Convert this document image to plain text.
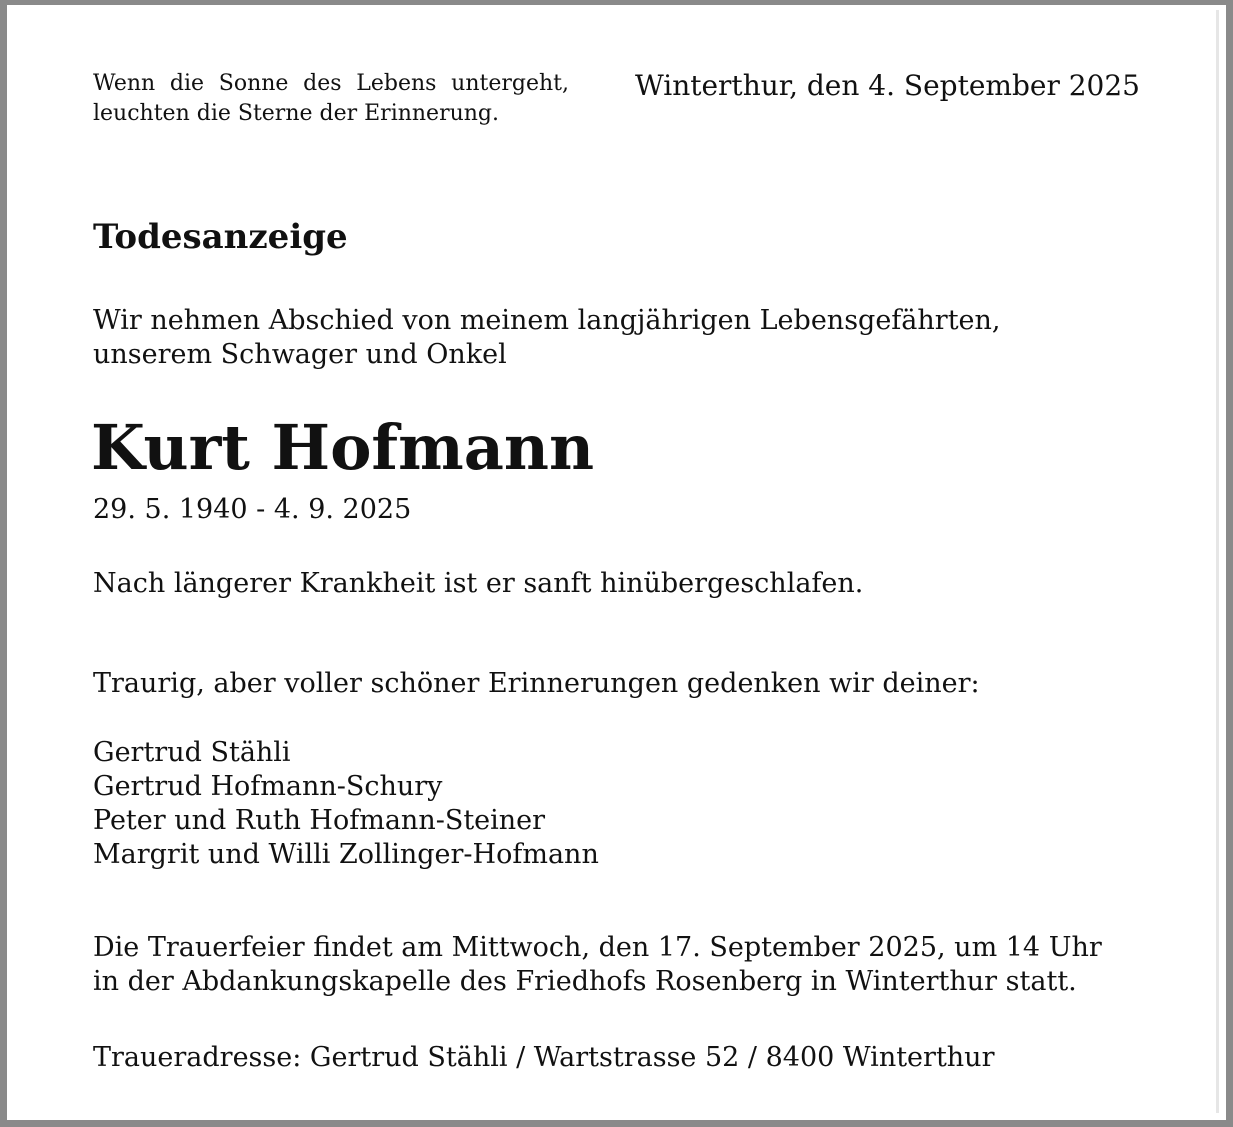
Wenn die Sonne des Lebens untergeht, leuchten die Sterne der Erinnerung.

Winterthur, den 4. September 2025

Todesanzeige

Wir nehmen Abschied von meinem langjährigen Lebensgefährten,
unserem Schwager und Onkel

Kurt Hofmann

29. 5. 1940 - 4. 9. 2025

Nach längerer Krankheit ist er sanft hinübergeschlafen.

Traurig, aber voller schöner Erinnerungen gedenken wir deiner:

Gertrud Stähli
Gertrud Hofmann-Schury
Peter und Ruth Hofmann-Steiner
Margrit und Willi Zollinger-Hofmann

Die Trauerfeier findet am Mittwoch, den 17. September 2025, um 14 Uhr
in der Abdankungskapelle des Friedhofs Rosenberg in Winterthur statt.

Traueradresse: Gertrud Stähli / Wartstrasse 52 / 8400 Winterthur
